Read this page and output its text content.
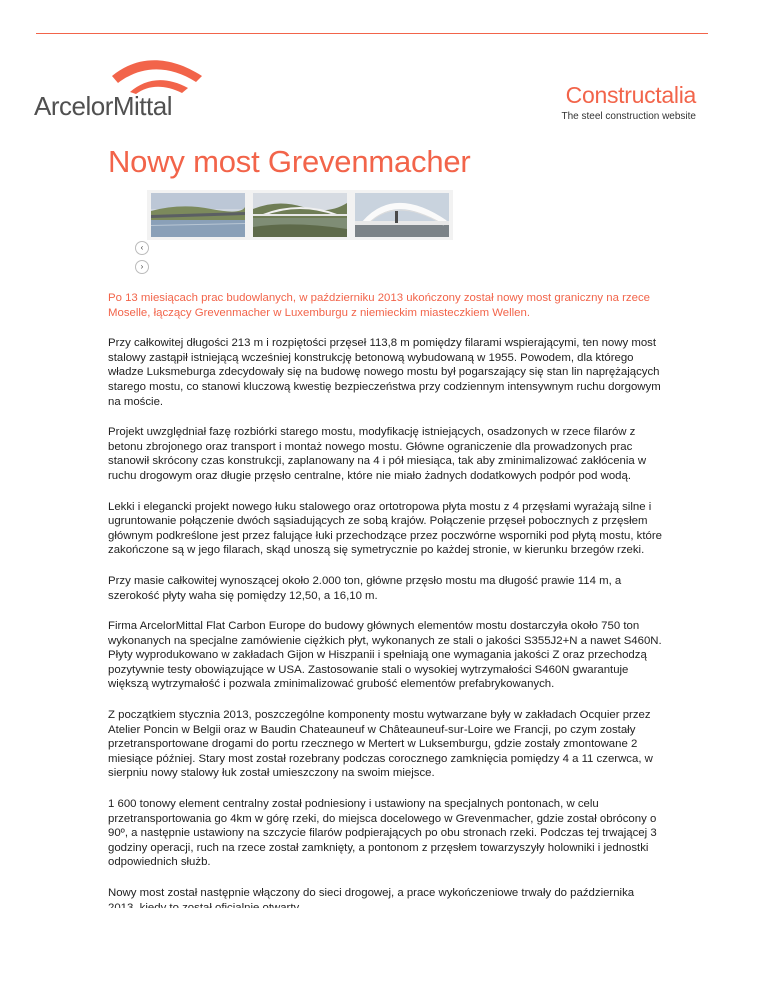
ArcelorMittal	Constructalia
The steel construction website
Nowy most Grevenmacher
‹
›

Po 13 miesiącach prac budowlanych, w październiku 2013 ukończony został nowy most graniczny na rzece Moselle, łączący Grevenmacher w Luxemburgu z niemieckim miasteczkiem Wellen.

Przy całkowitej długości 213 m i rozpiętości przęseł 113,8 m pomiędzy filarami wspierającymi, ten nowy most stalowy zastąpił istniejącą wcześniej konstrukcję betonową wybudowaną w 1955. Powodem, dla którego władze Luksmeburga zdecydowały się na budowę nowego mostu był pogarszający się stan lin naprężających starego mostu, co stanowi kluczową kwestię bezpieczeństwa przy codziennym intensywnym ruchu dorgowym na moście.

Projekt uwzględniał fazę rozbiórki starego mostu, modyfikację istniejących, osadzonych w rzece filarów z betonu zbrojonego oraz transport i montaż nowego mostu. Główne ograniczenie dla prowadzonych prac stanowił skrócony czas konstrukcji, zaplanowany na 4 i pół miesiąca, tak aby zminimalizować zakłócenia w ruchu drogowym oraz długie przęsło centralne, które nie miało żadnych dodatkowych podpór pod wodą.

Lekki i elegancki projekt nowego łuku stalowego oraz ortotropowa płyta mostu z 4 przęsłami wyrażają silne i ugruntowanie połączenie dwóch sąsiadujących ze sobą krajów. Połączenie przęseł pobocznych z przęsłem głównym podkreślone jest przez falujące łuki przechodzące przez poczwórne wsporniki pod płytą mostu, które zakończone są w jego filarach, skąd unoszą się symetrycznie po każdej stronie, w kierunku brzegów rzeki.

Przy masie całkowitej wynoszącej około 2.000 ton, główne przęsło mostu ma długość prawie 114 m, a szerokość płyty waha się pomiędzy 12,50, a 16,10 m.

Firma ArcelorMittal Flat Carbon Europe do budowy głównych elementów mostu dostarczyła około 750 ton wykonanych na specjalne zamówienie ciężkich płyt, wykonanych ze stali o jakości S355J2+N a nawet S460N. Płyty wyprodukowano w zakładach Gijon w Hiszpanii i spełniają one wymagania jakości Z oraz przechodzą pozytywnie testy obowiązujące w USA. Zastosowanie stali o wysokiej wytrzymałości S460N gwarantuje większą wytrzymałość i pozwala zminimalizować grubość elementów prefabrykowanych.

Z początkiem stycznia 2013, poszczególne komponenty mostu wytwarzane były w zakładach Ocquier przez Atelier Poncin w Belgii oraz w Baudin Chateauneuf w Châteauneuf-sur-Loire we Francji, po czym zostały przetransportowane drogami do portu rzecznego w Mertert w Luksemburgu, gdzie zostały zmontowane 2 miesiące później. Stary most został rozebrany podczas corocznego zamknięcia pomiędzy 4 a 11 czerwca, w sierpniu nowy stalowy łuk został umieszczony na swoim miejsce.

1 600 tonowy element centralny został podniesiony i ustawiony na specjalnych pontonach, w celu przetransportowania go 4km w górę rzeki, do miejsca docelowego w Grevenmacher, gdzie został obrócony o 90º, a następnie ustawiony na szczycie filarów podpierających po obu stronach rzeki. Podczas tej trwającej 3 godziny operacji, ruch na rzece został zamknięty, a pontonom z przęsłem towarzyszyły holowniki i jednostki odpowiednich służb.

Nowy most został następnie włączony do sieci drogowej, a prace wykończeniowe trwały do października
